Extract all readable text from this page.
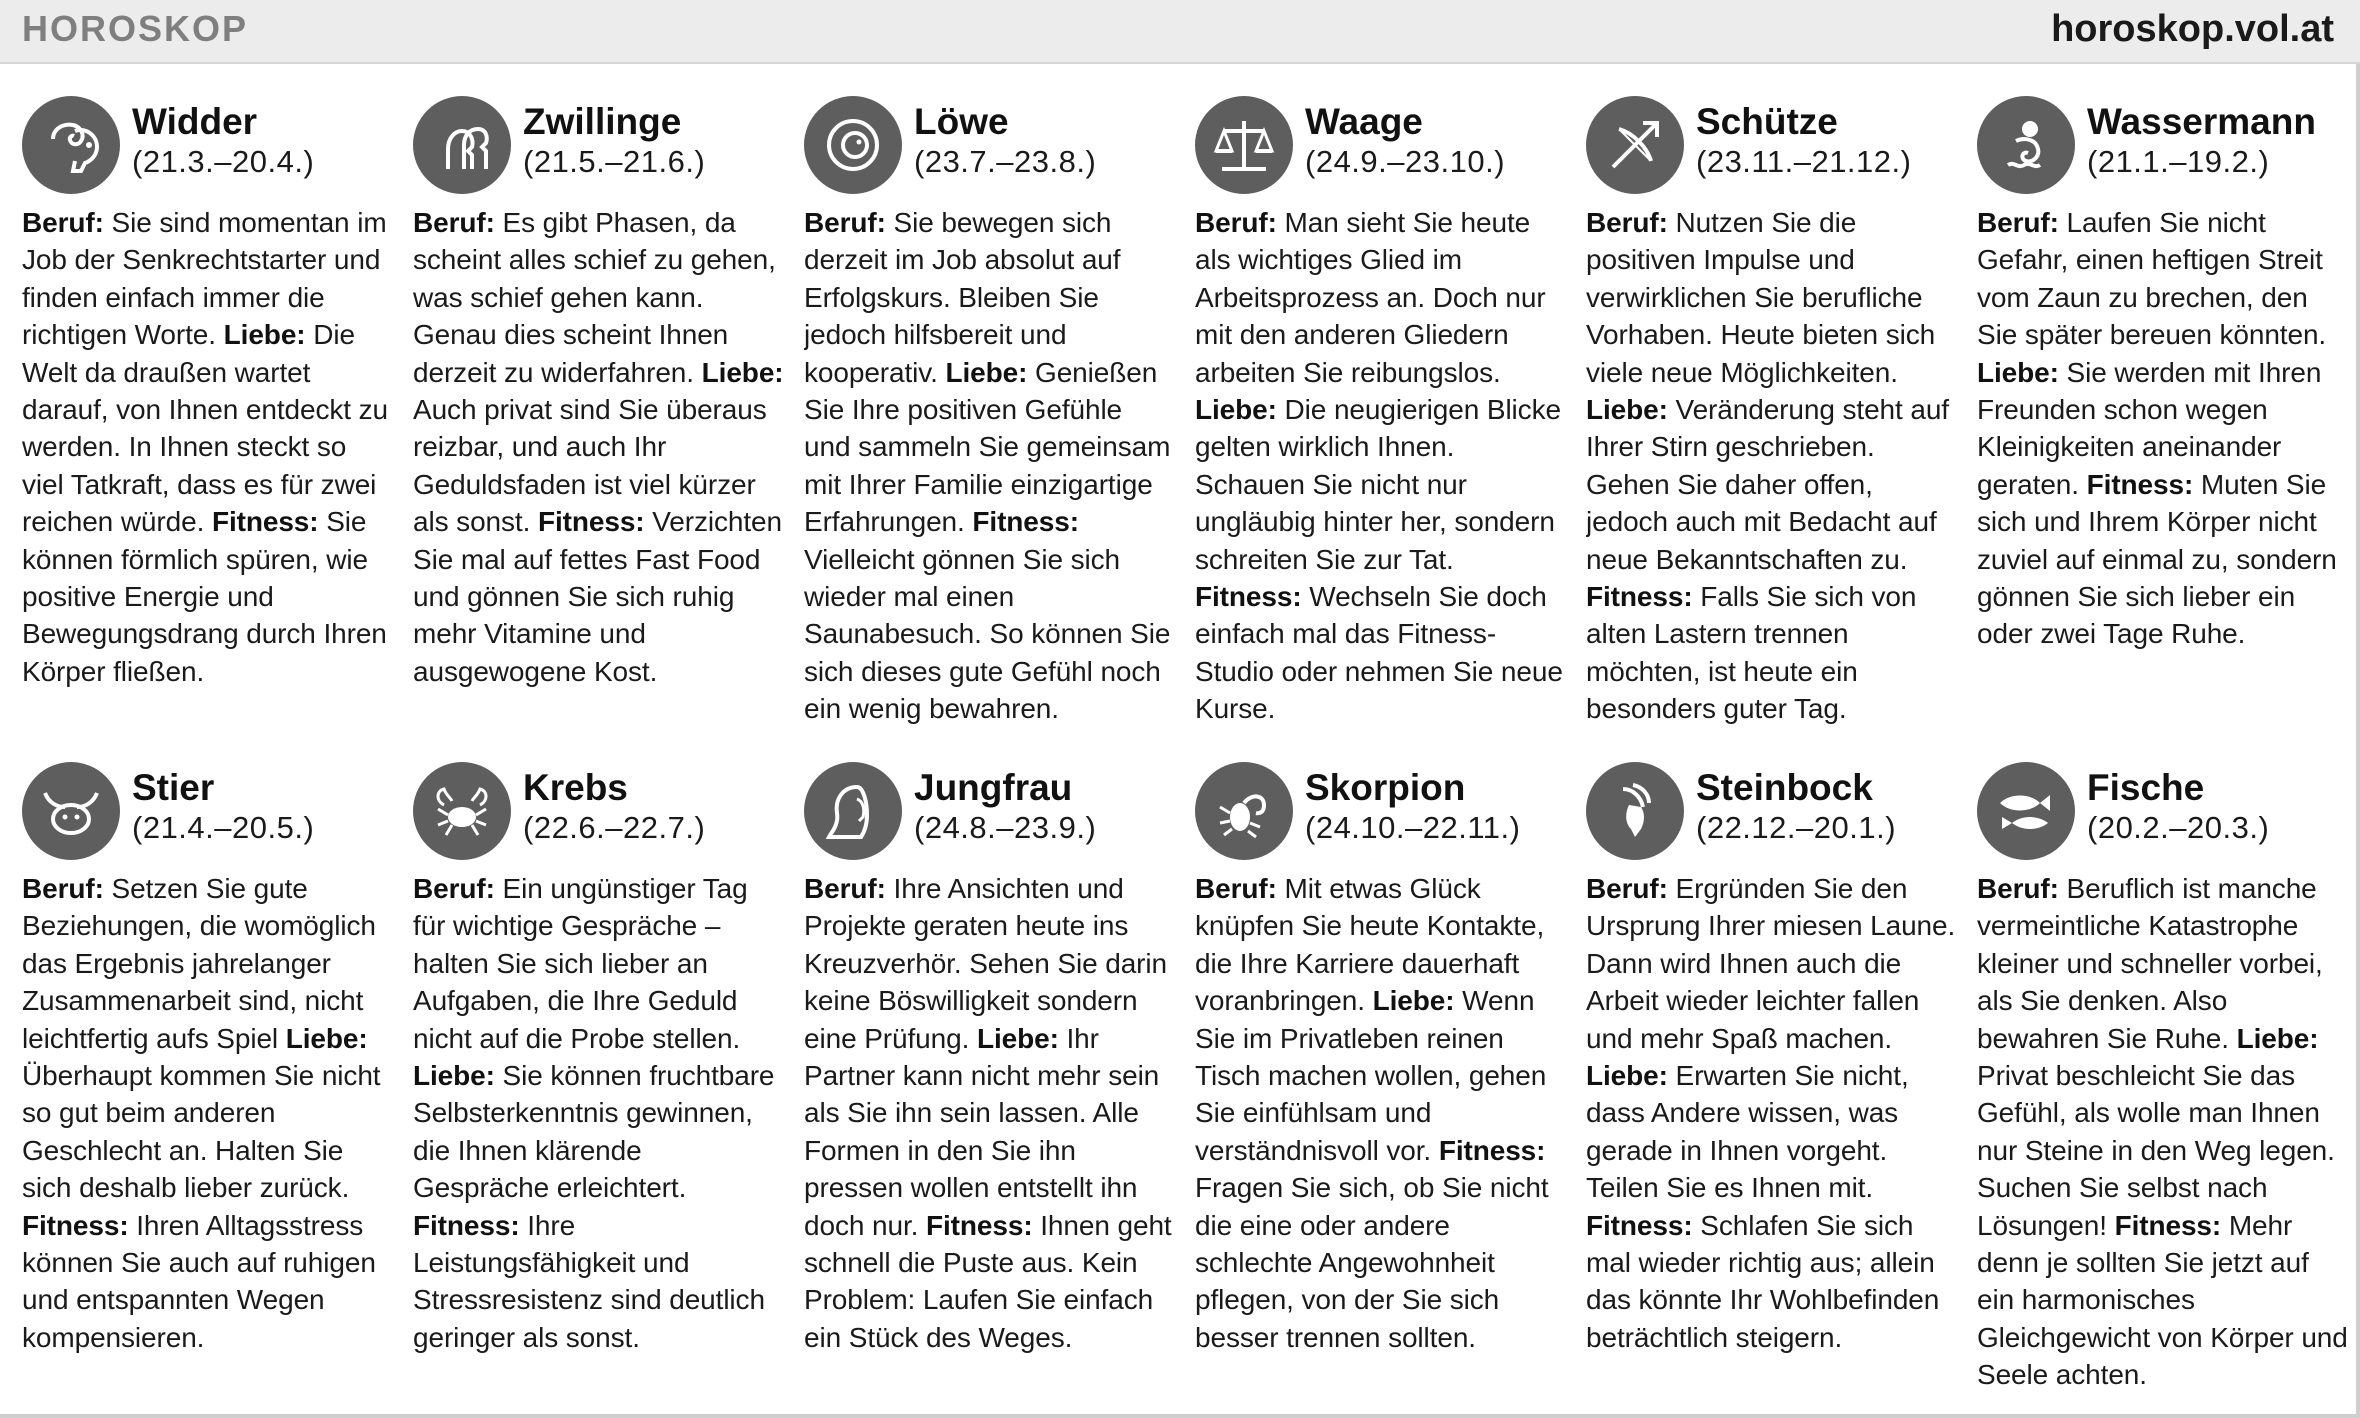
HOROSKOP	horoskop.vol.at
Widder
(21.3.–20.4.)

Beruf: Sie sind momentan im Job der Senkrechtstarter und finden einfach immer die richtigen Worte. Liebe: Die Welt da draußen wartet darauf, von Ihnen entdeckt zu werden. In Ihnen steckt so viel Tatkraft, dass es für zwei reichen würde. Fitness: Sie können förmlich spüren, wie positive Energie und Bewegungsdrang durch Ihren Körper fließen.

Zwillinge
(21.5.–21.6.)

Beruf: Es gibt Phasen, da scheint alles schief zu gehen, was schief gehen kann. Genau dies scheint Ihnen derzeit zu widerfahren. Liebe: Auch privat sind Sie überaus reizbar, und auch Ihr Geduldsfaden ist viel kürzer als sonst. Fitness: Verzichten Sie mal auf fettes Fast Food und gönnen Sie sich ruhig mehr Vitamine und ausgewogene Kost.

Löwe
(23.7.–23.8.)

Beruf: Sie bewegen sich derzeit im Job absolut auf Erfolgskurs. Bleiben Sie jedoch hilfsbereit und kooperativ. Liebe: Genießen Sie Ihre positiven Gefühle und sammeln Sie gemeinsam mit Ihrer Familie einzigartige Erfahrungen. Fitness: Vielleicht gönnen Sie sich wieder mal einen Saunabesuch. So können Sie sich dieses gute Gefühl noch ein wenig bewahren.

Waage
(24.9.–23.10.)

Beruf: Man sieht Sie heute als wichtiges Glied im Arbeitsprozess an. Doch nur mit den anderen Gliedern arbeiten Sie reibungslos. Liebe: Die neugierigen Blicke gelten wirklich Ihnen. Schauen Sie nicht nur ungläubig hinter her, sondern schreiten Sie zur Tat. Fitness: Wechseln Sie doch einfach mal das Fitness-Studio oder nehmen Sie neue Kurse.

Schütze
(23.11.–21.12.)

Beruf: Nutzen Sie die positiven Impulse und verwirklichen Sie berufliche Vorhaben. Heute bieten sich viele neue Möglichkeiten. Liebe: Veränderung steht auf Ihrer Stirn geschrieben. Gehen Sie daher offen, jedoch auch mit Bedacht auf neue Bekanntschaften zu. Fitness: Falls Sie sich von alten Lastern trennen möchten, ist heute ein besonders guter Tag.

Wassermann
(21.1.–19.2.)

Beruf: Laufen Sie nicht Gefahr, einen heftigen Streit vom Zaun zu brechen, den Sie später bereuen könnten. Liebe: Sie werden mit Ihren Freunden schon wegen Kleinigkeiten aneinander geraten. Fitness: Muten Sie sich und Ihrem Körper nicht zuviel auf einmal zu, sondern gönnen Sie sich lieber ein oder zwei Tage Ruhe.

Stier
(21.4.–20.5.)

Beruf: Setzen Sie gute Beziehungen, die womöglich das Ergebnis jahrelanger Zusammenarbeit sind, nicht leichtfertig aufs Spiel Liebe: Überhaupt kommen Sie nicht so gut beim anderen Geschlecht an. Halten Sie sich deshalb lieber zurück. Fitness: Ihren Alltagsstress können Sie auch auf ruhigen und entspannten Wegen kompensieren.

Krebs
(22.6.–22.7.)

Beruf: Ein ungünstiger Tag für wichtige Gespräche – halten Sie sich lieber an Aufgaben, die Ihre Geduld nicht auf die Probe stellen. Liebe: Sie können fruchtbare Selbsterkenntnis gewinnen, die Ihnen klärende Gespräche erleichtert. Fitness: Ihre Leistungsfähigkeit und Stressresistenz sind deutlich geringer als sonst.

Jungfrau
(24.8.–23.9.)

Beruf: Ihre Ansichten und Projekte geraten heute ins Kreuzverhör. Sehen Sie darin keine Böswilligkeit sondern eine Prüfung. Liebe: Ihr Partner kann nicht mehr sein als Sie ihn sein lassen. Alle Formen in den Sie ihn pressen wollen entstellt ihn doch nur. Fitness: Ihnen geht schnell die Puste aus. Kein Problem: Laufen Sie einfach ein Stück des Weges.

Skorpion
(24.10.–22.11.)

Beruf: Mit etwas Glück knüpfen Sie heute Kontakte, die Ihre Karriere dauerhaft voranbringen. Liebe: Wenn Sie im Privatleben reinen Tisch machen wollen, gehen Sie einfühlsam und verständnisvoll vor. Fitness: Fragen Sie sich, ob Sie nicht die eine oder andere schlechte Angewohnheit pflegen, von der Sie sich besser trennen sollten.

Steinbock
(22.12.–20.1.)

Beruf: Ergründen Sie den Ursprung Ihrer miesen Laune. Dann wird Ihnen auch die Arbeit wieder leichter fallen und mehr Spaß machen. Liebe: Erwarten Sie nicht, dass Andere wissen, was gerade in Ihnen vorgeht. Teilen Sie es Ihnen mit. Fitness: Schlafen Sie sich mal wieder richtig aus; allein das könnte Ihr Wohlbefinden beträchtlich steigern.

Fische
(20.2.–20.3.)

Beruf: Beruflich ist manche vermeintliche Katastrophe kleiner und schneller vorbei, als Sie denken. Also bewahren Sie Ruhe. Liebe: Privat beschleicht Sie das Gefühl, als wolle man Ihnen nur Steine in den Weg legen. Suchen Sie selbst nach Lösungen! Fitness: Mehr denn je sollten Sie jetzt auf ein harmonisches Gleichgewicht von Körper und Seele achten.
